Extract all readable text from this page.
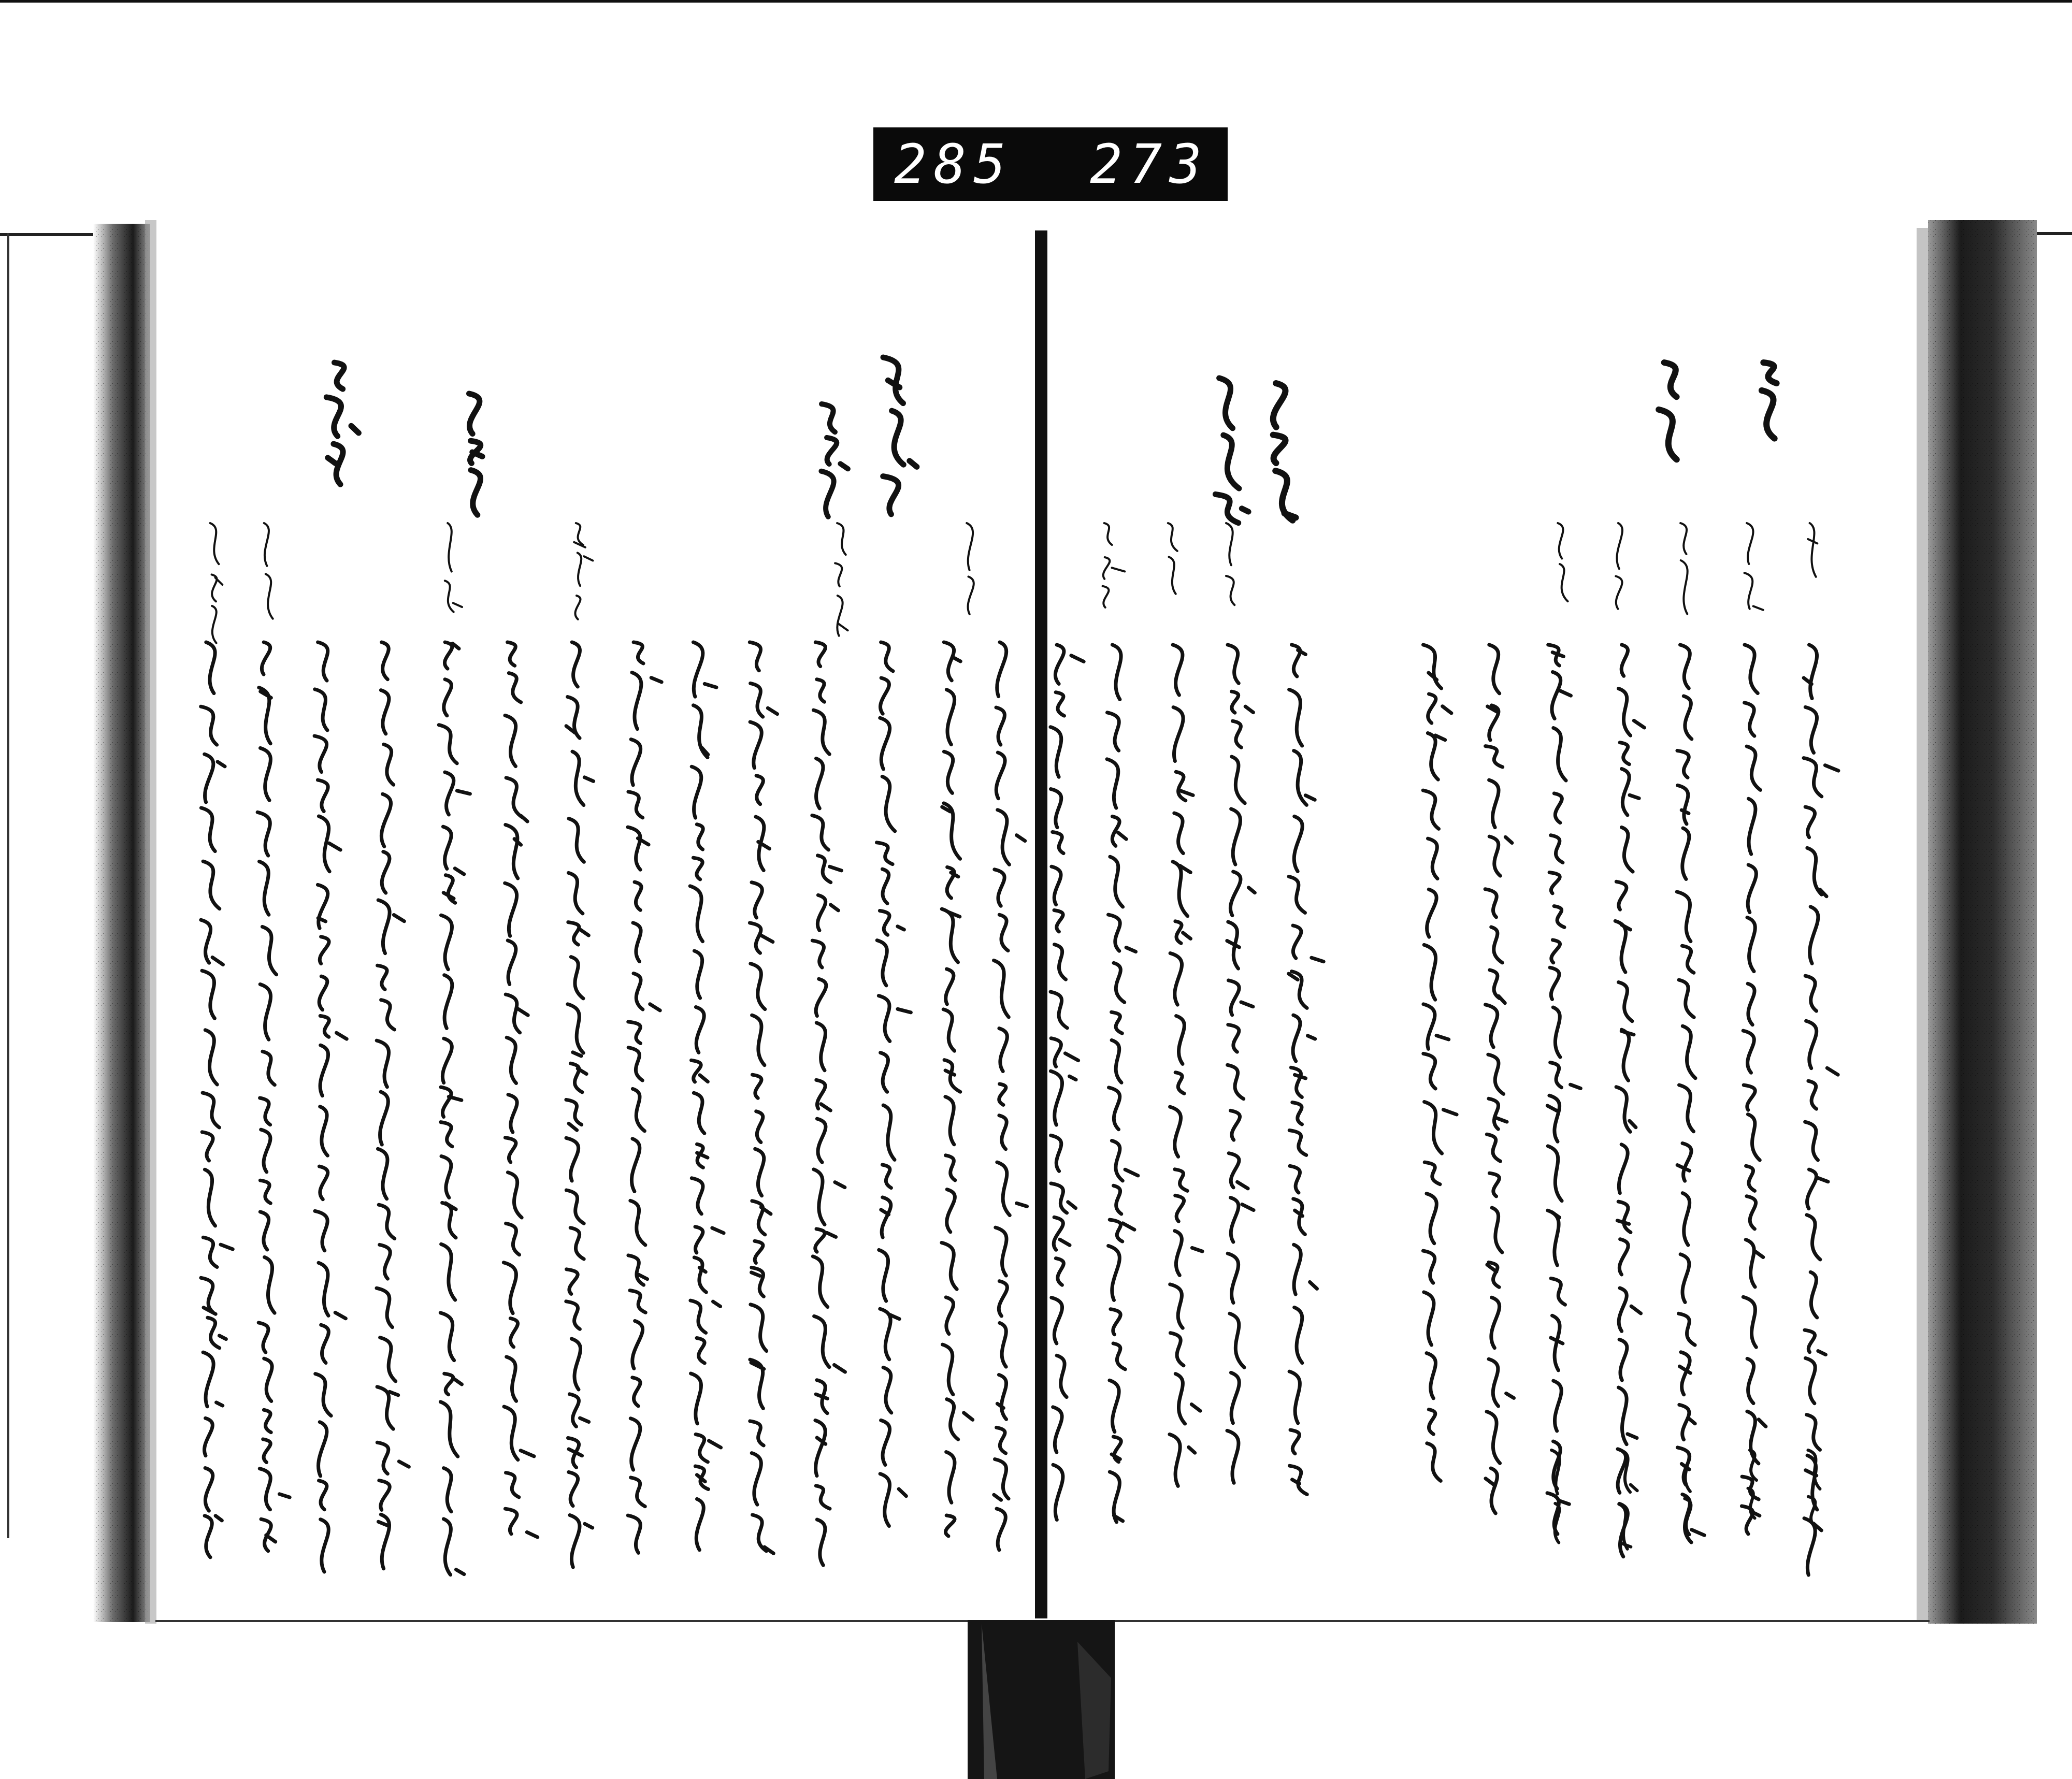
285 273
